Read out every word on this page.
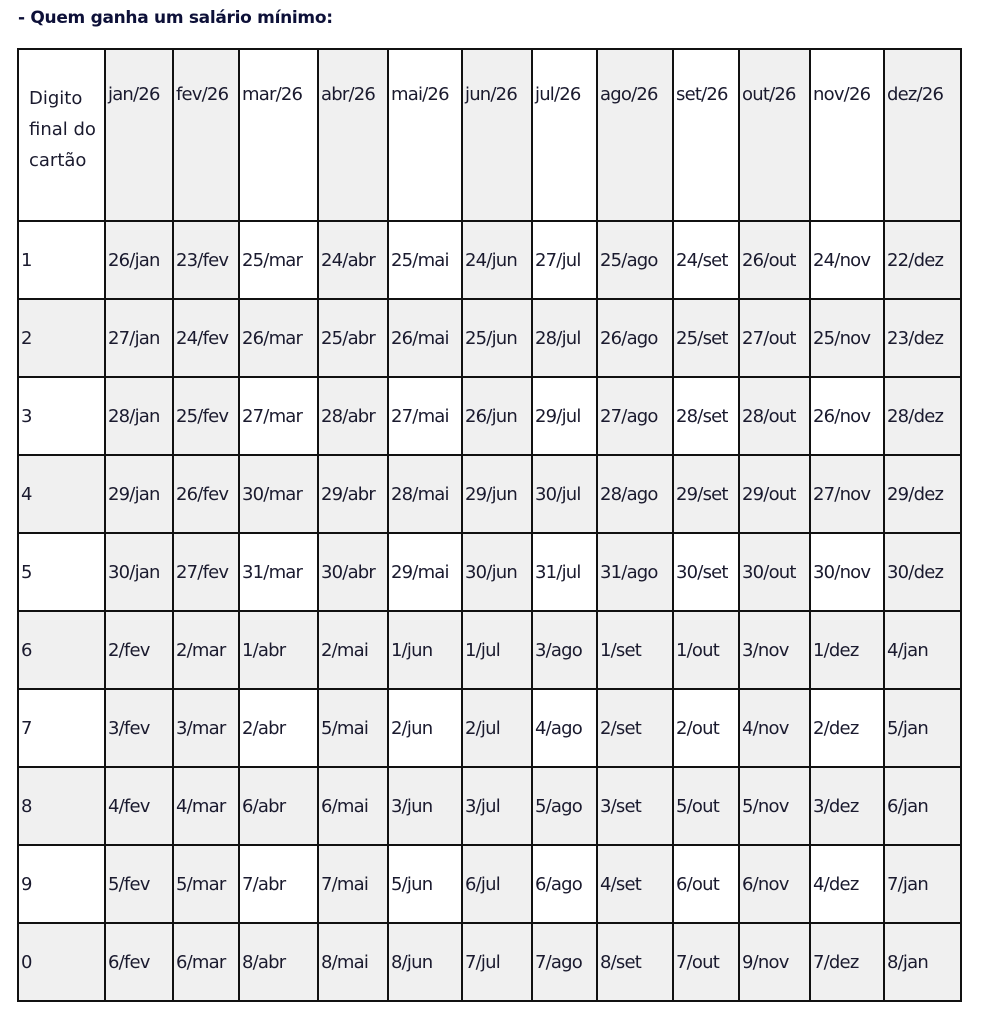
- Quem ganha um salário mínimo:
Digito final do cartão	jan/26	fev/26	mar/26	abr/26	mai/26	jun/26	jul/26	ago/26	set/26	out/26	nov/26	dez/26
1	26/jan	23/fev	25/mar	24/abr	25/mai	24/jun	27/jul	25/ago	24/set	26/out	24/nov	22/dez
2	27/jan	24/fev	26/mar	25/abr	26/mai	25/jun	28/jul	26/ago	25/set	27/out	25/nov	23/dez
3	28/jan	25/fev	27/mar	28/abr	27/mai	26/jun	29/jul	27/ago	28/set	28/out	26/nov	28/dez
4	29/jan	26/fev	30/mar	29/abr	28/mai	29/jun	30/jul	28/ago	29/set	29/out	27/nov	29/dez
5	30/jan	27/fev	31/mar	30/abr	29/mai	30/jun	31/jul	31/ago	30/set	30/out	30/nov	30/dez
6	2/fev	2/mar	1/abr	2/mai	1/jun	1/jul	3/ago	1/set	1/out	3/nov	1/dez	4/jan
7	3/fev	3/mar	2/abr	5/mai	2/jun	2/jul	4/ago	2/set	2/out	4/nov	2/dez	5/jan
8	4/fev	4/mar	6/abr	6/mai	3/jun	3/jul	5/ago	3/set	5/out	5/nov	3/dez	6/jan
9	5/fev	5/mar	7/abr	7/mai	5/jun	6/jul	6/ago	4/set	6/out	6/nov	4/dez	7/jan
0	6/fev	6/mar	8/abr	8/mai	8/jun	7/jul	7/ago	8/set	7/out	9/nov	7/dez	8/jan
